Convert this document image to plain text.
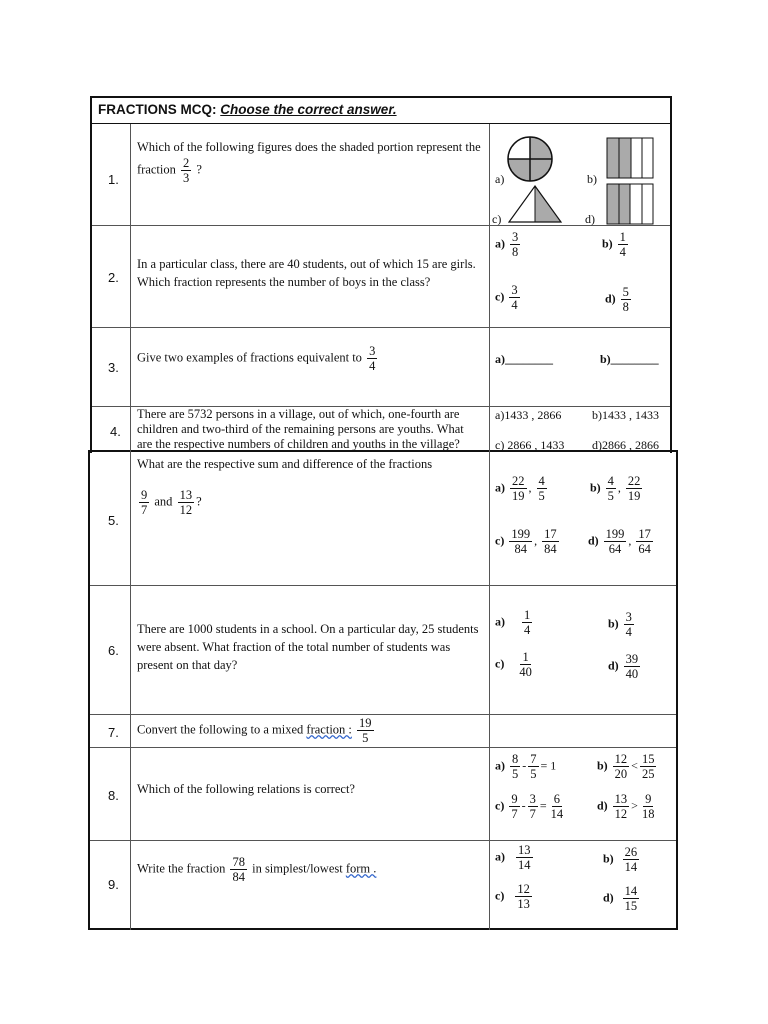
FRACTIONS MCQ: Choose the correct answer.
1.
Which of the following figures does the shaded portion represent the fraction $\frac{2}{3}$ ?
a)	b)
c)	d)
2.
In a particular class, there are 40 students, out of which 15 are girls. Which fraction represents the number of boys in the class?
$a) \frac{3}{8}$	$b) \frac{1}{4}$
$c) \frac{3}{4}$	$d) \frac{5}{8}$
3.
Give two examples of fractions equivalent to $\frac{3}{4}$	a)________	b)________
4.
There are 5732 persons in a village, out of which, one-fourth are children and two-third of the remaining persons are youths. What are the respective numbers of children and youths in the village?
a)1433 , 2866	b)1433 , 1433
c) 2866 , 1433 d)2866 , 2866
5.
What are the respective sum and difference of the fractions
$\frac{9}{7}$ and $\frac{13}{12}$ ?
$a) \frac{22}{19}$ , $\frac{4}{5}$	$b) \frac{4}{5}$ , $\frac{22}{19}$
$c) \frac{199}{84}$ , $\frac{17}{84} d) \frac{199}{64}$ , $\frac{17}{64}$
6.
There are 1000 students in a school. On a particular day, 25 students were absent. What fraction of the total number of students was present on that day?
$a) \frac{1}{4}$	$b) \frac{3}{4}$
$c) \frac{1}{40}$	$d) \frac{39}{40}$
7. Convert the following to a mixed fraction : $\frac{19}{5}$
8. Which of the following relations is correct?
$a) \frac{8}{5} - \frac{7}{5} = 1$	$b) \frac{12}{20} < \frac{15}{25}$
$c) \frac{9}{7} - \frac{3}{7} = \frac{6}{14}$	$d) \frac{13}{12} > \frac{9}{18}$
9.
Write the fraction $\frac{78}{84}$ in simplest/lowest form .
$a) \frac{13}{14}$	$b) \frac{26}{14}$
$c) \frac{12}{13}$	$d) \frac{14}{15}$
